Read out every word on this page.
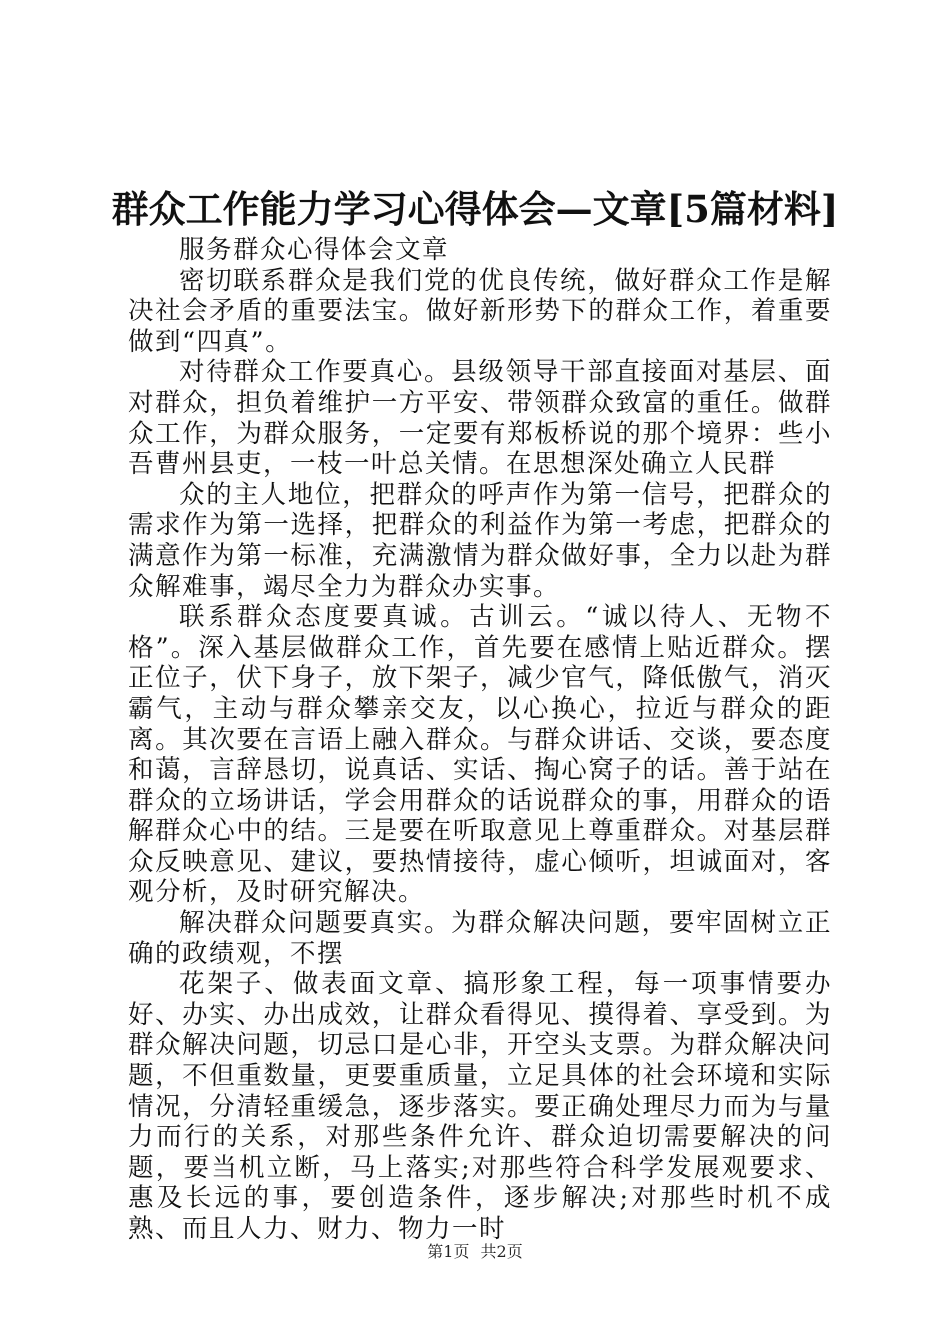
群众工作能力学习心得体会—文章[5篇材料]

服务群众心得体会文章

密切联系群众是我们党的优良传统，做好群众工作是解决社会矛盾的重要法宝。做好新形势下的群众工作，着重要做到“四真”。

对待群众工作要真心。县级领导干部直接面对基层、面对群众，担负着维护一方平安、带领群众致富的重任。做群众工作，为群众服务，一定要有郑板桥说的那个境界：些小吾曹州县吏，一枝一叶总关情。在思想深处确立人民群

众的主人地位，把群众的呼声作为第一信号，把群众的需求作为第一选择，把群众的利益作为第一考虑，把群众的满意作为第一标准，充满激情为群众做好事，全力以赴为群众解难事，竭尽全力为群众办实事。

联系群众态度要真诚。古训云。“诚以待人、无物不格”。深入基层做群众工作，首先要在感情上贴近群众。摆正位子，伏下身子，放下架子，减少官气，降低傲气，消灭霸气，主动与群众攀亲交友，以心换心，拉近与群众的距离。其次要在言语上融入群众。与群众讲话、交谈，要态度和蔼，言辞恳切，说真话、实话、掏心窝子的话。善于站在群众的立场讲话，学会用群众的话说群众的事，用群众的语解群众心中的结。三是要在听取意见上尊重群众。对基层群众反映意见、建议，要热情接待，虚心倾听，坦诚面对，客观分析，及时研究解决。

解决群众问题要真实。为群众解决问题，要牢固树立正确的政绩观，不摆

花架子、做表面文章、搞形象工程，每一项事情要办好、办实、办出成效，让群众看得见、摸得着、享受到。为群众解决问题，切忌口是心非，开空头支票。为群众解决问题，不但重数量，更要重质量，立足具体的社会环境和实际情况，分清轻重缓急，逐步落实。要正确处理尽力而为与量力而行的关系，对那些条件允许、群众迫切需要解决的问题，要当机立断，马上落实;对那些符合科学发展观要求、惠及长远的事，要创造条件，逐步解决;对那些时机不成熟、而且人力、财力、物力一时

第1页 共2页
